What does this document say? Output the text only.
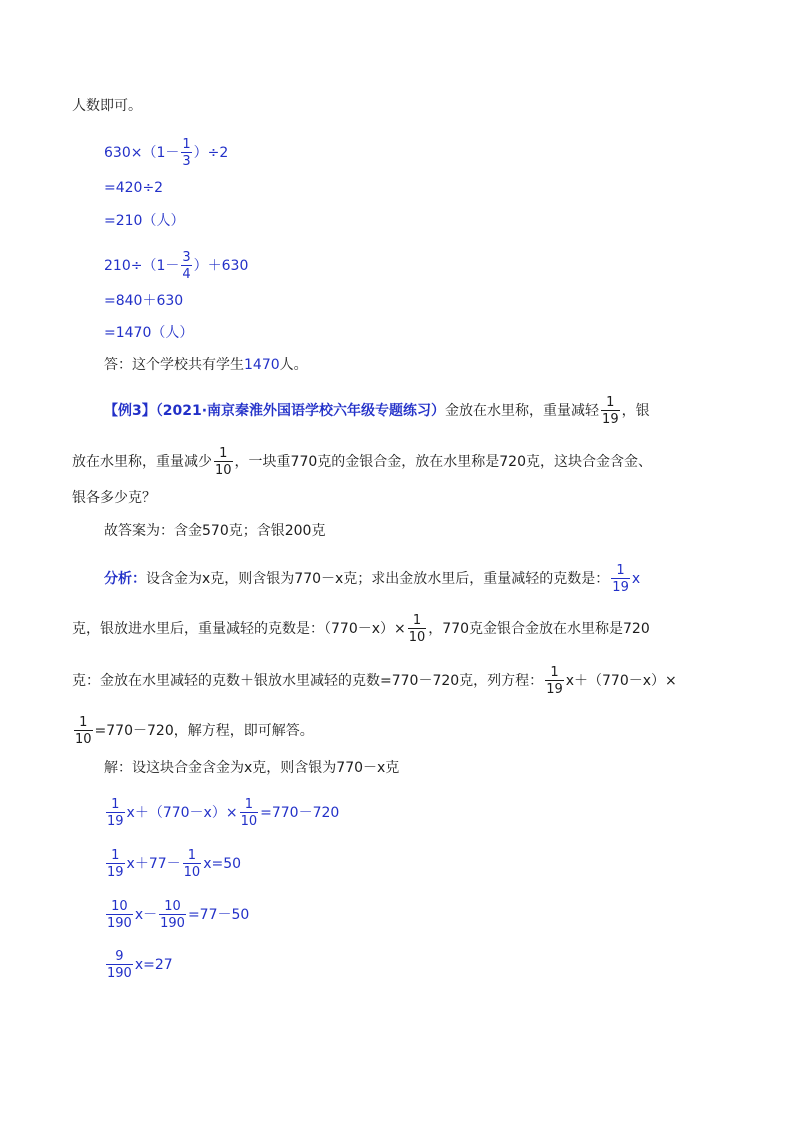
人数即可。
$630\times(1- \frac{1}{3} )\div 2$
=420÷2
=210（人）
$210\div(1- \frac{3}{4} )+630$
=840＋630
=1470（人）
答：这个学校共有学生1470人。
【例3】（2021·南京秦淮外国语学校六年级专题练习）金放在水里称，重量减轻 $\frac{1}{19}$ ，银
放在水里称，重量减少 $\frac{1}{10}$ ，一块重770克的金银合金，放在水里称是720克，这块合金含金、
银各多少克？
故答案为：含金570克；含银200克
分析：设含金为x克，则含银为770－x克；求出金放水里后，重量减轻的克数是： $\frac{1}{19}$ x
克，银放进水里后，重量减轻的克数是：$(770-x)\times \frac{1}{10}$ ，770克金银合金放在水里称是720
克：金放在水里减轻的克数＋银放水里减轻的克数=770－720克，列方程： $\frac{1}{19} x+(770-x)\times$
$\frac{1}{10} =770-720$，解方程，即可解答。
解：设这块合金含金为x克，则含银为770－x克
$\frac{1}{19} x+(770-x)\times \frac{1}{10} =770-720$
$\frac{1}{19} x+77- \frac{1}{10} x=50$
$\frac{10}{190} x- \frac{10}{190} =77-50$
$\frac{9}{190} x=27$
